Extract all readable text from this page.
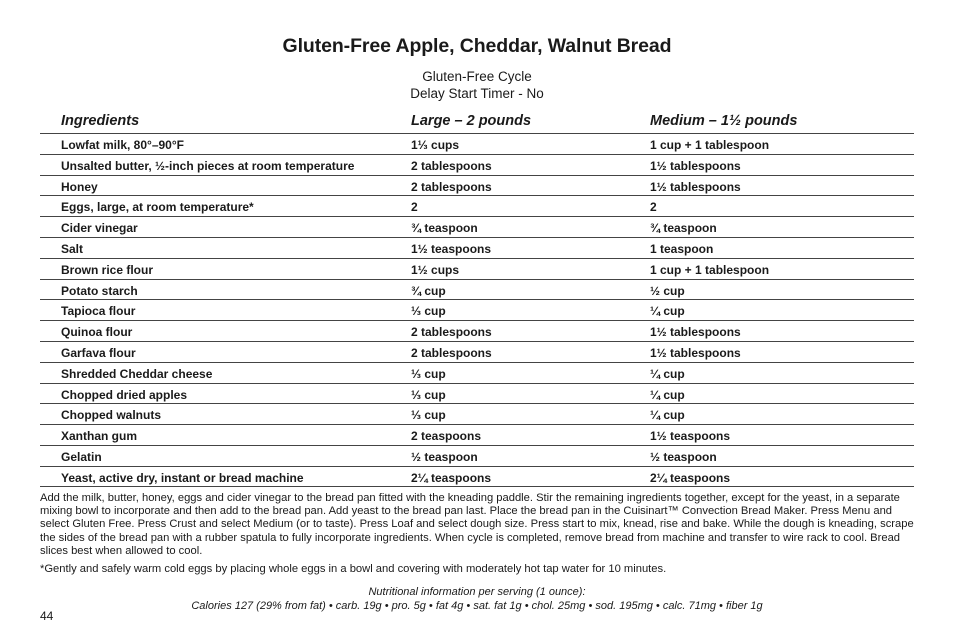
Gluten-Free Apple, Cheddar, Walnut Bread
Gluten-Free Cycle
Delay Start Timer - No
Ingredients	Large – 2 pounds	Medium – 1½ pounds
Lowfat milk, 80°–90°F	1⅓ cups	1 cup + 1 tablespoon
Unsalted butter, ½-inch pieces at room temperature	2 tablespoons	1½ tablespoons
Honey	2 tablespoons	1½ tablespoons
Eggs, large, at room temperature*	2	2
Cider vinegar	¾ teaspoon	¾ teaspoon
Salt	1½ teaspoons	1 teaspoon
Brown rice flour	1½ cups	1 cup + 1 tablespoon
Potato starch	¾ cup	½ cup
Tapioca flour	⅓ cup	¼ cup
Quinoa flour	2 tablespoons	1½ tablespoons
Garfava flour	2 tablespoons	1½ tablespoons
Shredded Cheddar cheese	⅓ cup	¼ cup
Chopped dried apples	⅓ cup	¼ cup
Chopped walnuts	⅓ cup	¼ cup
Xanthan gum	2 teaspoons	1½ teaspoons
Gelatin	½ teaspoon	½ teaspoon
Yeast, active dry, instant or bread machine	2¼ teaspoons	2¼ teaspoons

Add the milk, butter, honey, eggs and cider vinegar to the bread pan fitted with the kneading paddle. Stir the remaining ingredients together, except for the yeast, in a separate mixing bowl to incorporate and then add to the bread pan. Add yeast to the bread pan last. Place the bread pan in the Cuisinart™ Convection Bread Maker. Press Menu and select Gluten Free. Press Crust and select Medium (or to taste). Press Loaf and select dough size. Press start to mix, knead, rise and bake. While the dough is kneading, scrape the sides of the bread pan with a rubber spatula to fully incorporate ingredients. When cycle is completed, remove bread from machine and transfer to wire rack to cool. Bread slices best when allowed to cool.

*Gently and safely warm cold eggs by placing whole eggs in a bowl and covering with moderately hot tap water for 10 minutes.

Nutritional information per serving (1 ounce):
Calories 127 (29% from fat) • carb. 19g • pro. 5g • fat 4g • sat. fat 1g • chol. 25mg • sod. 195mg • calc. 71mg • fiber 1g
44
